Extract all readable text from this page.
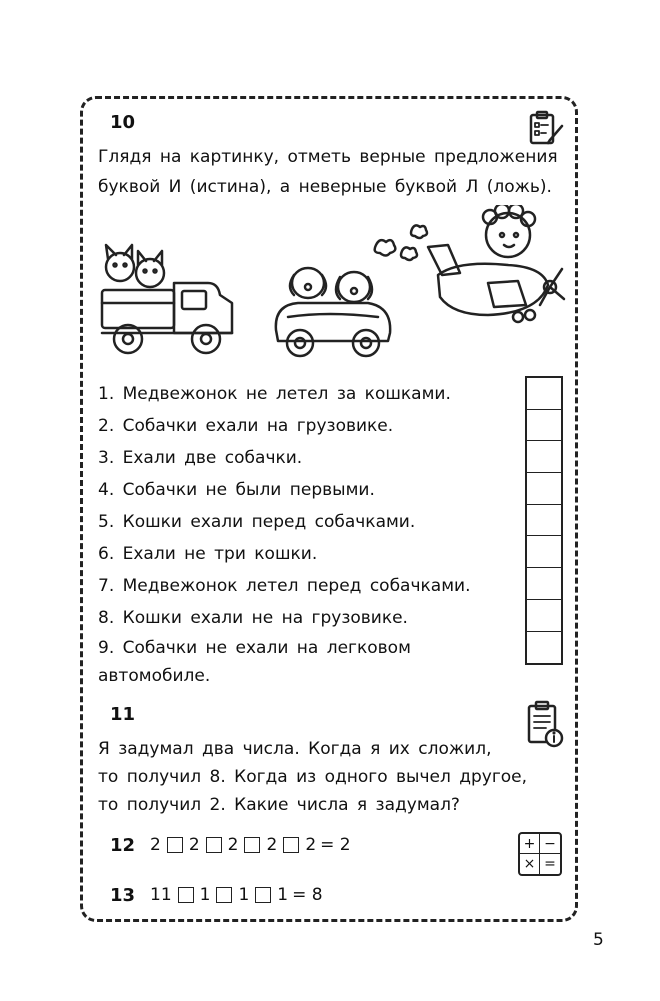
10
Глядя на картинку, отметь верные предложения
буквой И (истина), а неверные буквой Л (ложь).
1. Медвежонок не летел за кошками.
2. Собачки ехали на грузовике.
3. Ехали две собачки.
4. Собачки не были первыми.
5. Кошки ехали перед собачками.
6. Ехали не три кошки.
7. Медвежонок летел перед собачками.
8. Кошки ехали не на грузовике.
9. Собачки не ехали на легковом
автомобиле.
11
Я задумал два числа. Когда я их сложил,
то получил 8. Когда из одного вычел другое,
то получил 2. Какие числа я задумал?
12 2 2 2 2 2 = 2	+ −
× =
13 11 1 1 1 = 8
5
